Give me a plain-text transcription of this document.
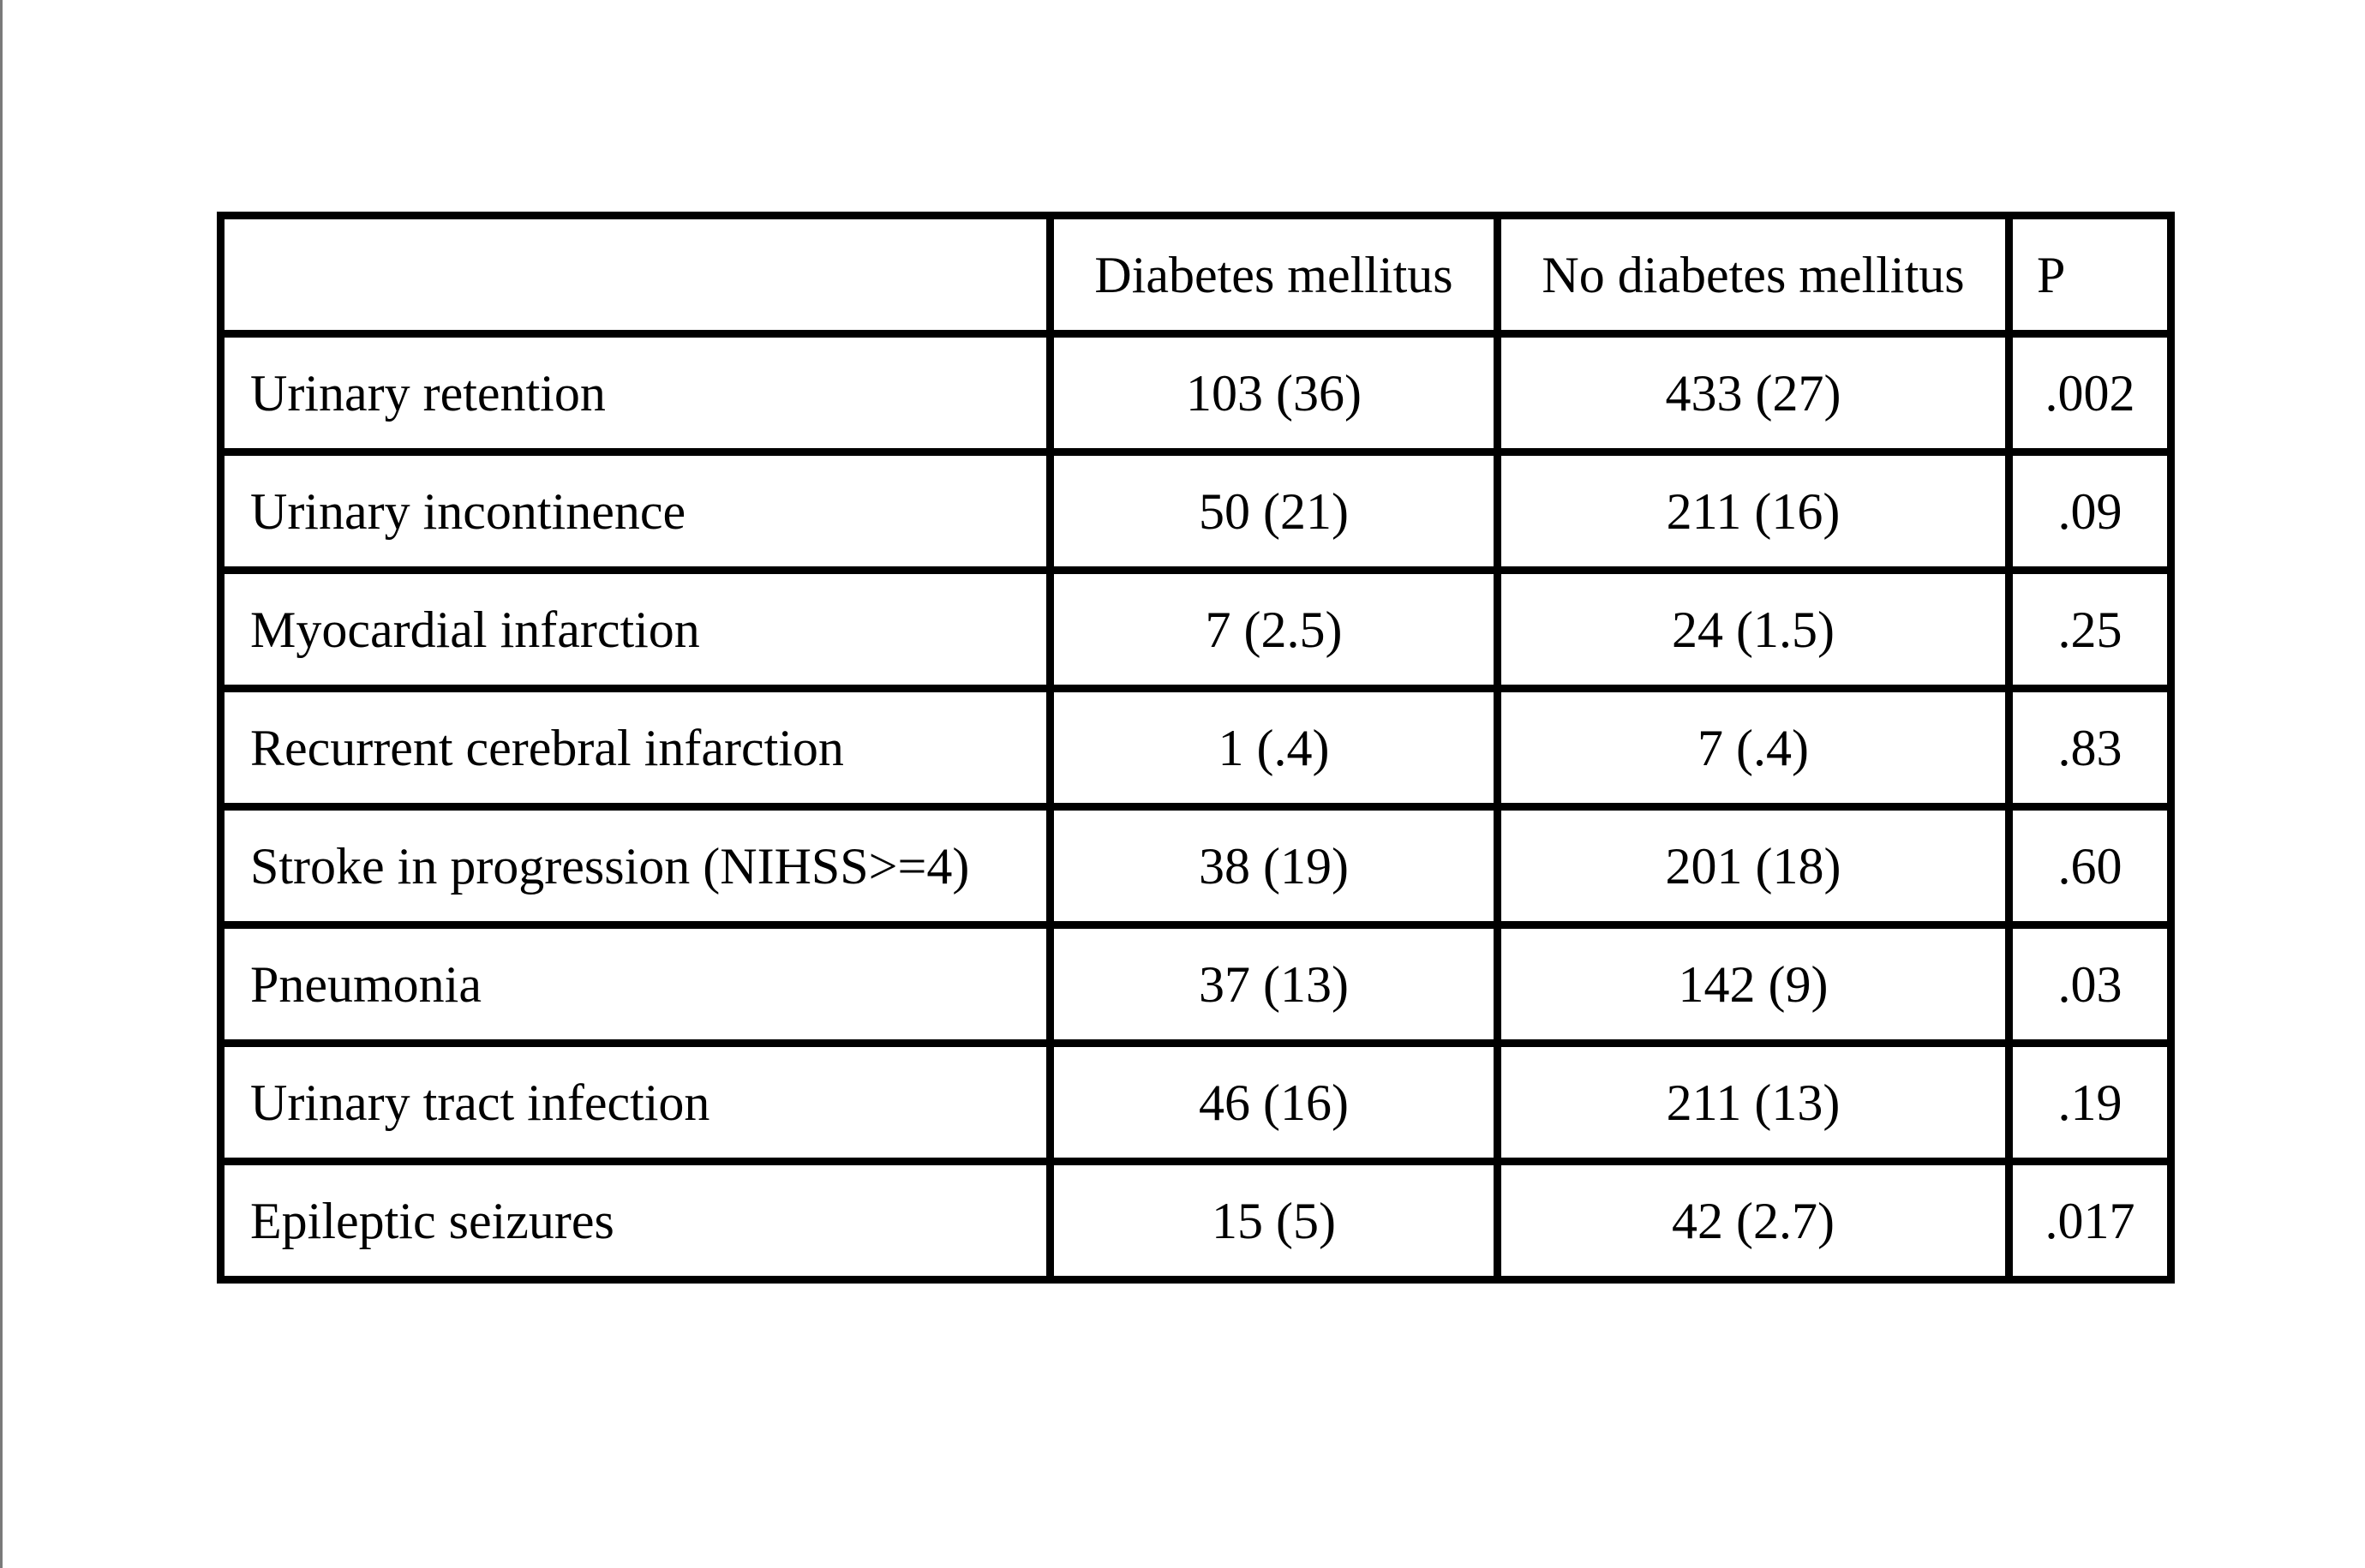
	Diabetes mellitus	No diabetes mellitus	P
Urinary retention	103 (36)	433 (27)	.002
Urinary incontinence	50 (21)	211 (16)	.09
Myocardial infarction	7 (2.5)	24 (1.5)	.25
Recurrent cerebral infarction	1 (.4)	7 (.4)	.83
Stroke in progression (NIHSS>=4)	38 (19)	201 (18)	.60
Pneumonia	37 (13)	142 (9)	.03
Urinary tract infection	46 (16)	211 (13)	.19
Epileptic seizures	15 (5)	42 (2.7)	.017
